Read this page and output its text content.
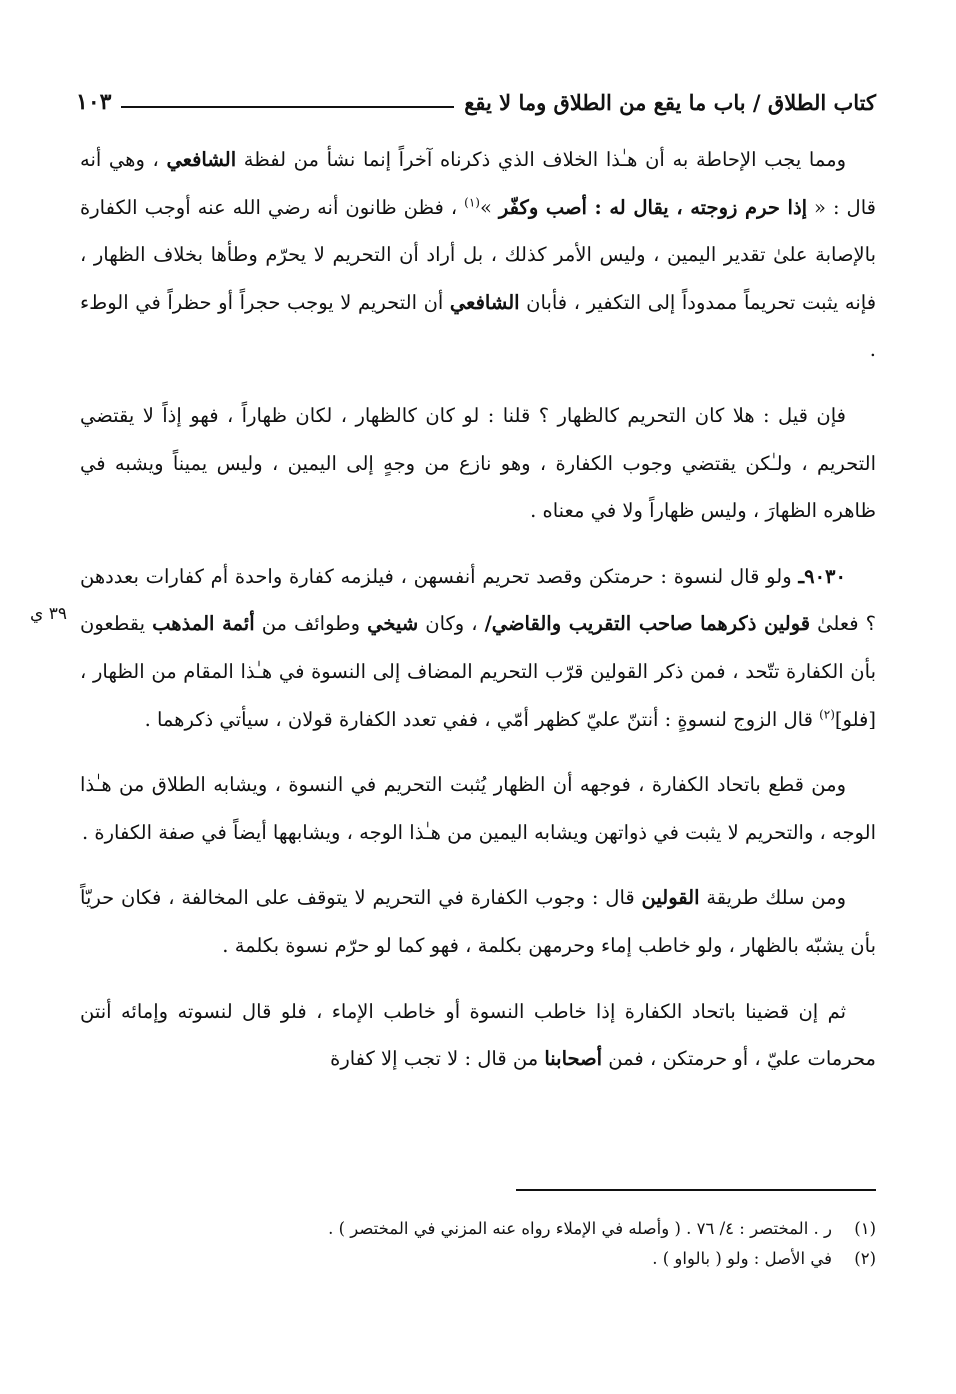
كتاب الطلاق / باب ما يقع من الطلاق وما لا يقع
١٠٣
٣٩ ي

ومما يجب الإحاطة به أن هـٰذا الخلاف الذي ذكرناه آخراً إنما نشأ من لفظة الشافعي ، وهي أنه قال : « إذا حرم زوجته ، يقال له : أصب وكفّر »$^{(١)}$ ، فظن ظانون أنه رضي الله عنه أوجب الكفارة بالإصابة علىٰ تقدير اليمين ، وليس الأمر كذلك ، بل أراد أن التحريم لا يحرّم وطأها بخلاف الظهار ، فإنه يثبت تحريماً ممدوداً إلى التكفير ، فأبان الشافعي أن التحريم لا يوجب حجراً أو حظراً في الوطء .

فإن قيل : هلا كان التحريم كالظهار ؟ قلنا : لو كان كالظهار ، لكان ظهاراً ، فهو إذاً لا يقتضي التحريم ، ولـٰكن يقتضي وجوب الكفارة ، وهو نازع من وجهٍ إلى اليمين ، وليس يميناً ويشبه في ظاهره الظهارَ ، وليس ظهاراً ولا في معناه .

٩٠٣٠ـ ولو قال لنسوة : حرمتكن وقصد تحريم أنفسهن ، فيلزمه كفارة واحدة أم كفارات بعددهن ؟ فعلىٰ قولين ذكرهما صاحب التقريب والقاضي/ ، وكان شيخي وطوائف من أئمة المذهب يقطعون بأن الكفارة تتّحد ، فمن ذكر القولين قرّب التحريم المضاف إلى النسوة في هـٰذا المقام من الظهار ، [فلو]$^{(٢)}$ قال الزوج لنسوةٍ : أنتنّ عليّ كظهر أمّي ، ففي تعدد الكفارة قولان ، سيأتي ذكرهما .

ومن قطع باتحاد الكفارة ، فوجهه أن الظهار يُثبت التحريم في النسوة ، ويشابه الطلاق من هـٰذا الوجه ، والتحريم لا يثبت في ذواتهن ويشابه اليمين من هـٰذا الوجه ، ويشابهها أيضاً في صفة الكفارة .

ومن سلك طريقة القولين قال : وجوب الكفارة في التحريم لا يتوقف على المخالفة ، فكان حريّاً بأن يشبّه بالظهار ، ولو خاطب إماء وحرمهن بكلمة ، فهو كما لو حرّم نسوة بكلمة .

ثم إن قضينا باتحاد الكفارة إذا خاطب النسوة أو خاطب الإماء ، فلو قال لنسوته وإمائه أنتن محرمات عليّ ، أو حرمتكن ، فمن أصحابنا من قال : لا تجب إلا كفارة

(١)
ر . المختصر : ٤/ ٧٦ . ( وأصله في الإملاء رواه عنه المزني في المختصر ) .
(٢)
في الأصل : ولو ( بالواو ) .
